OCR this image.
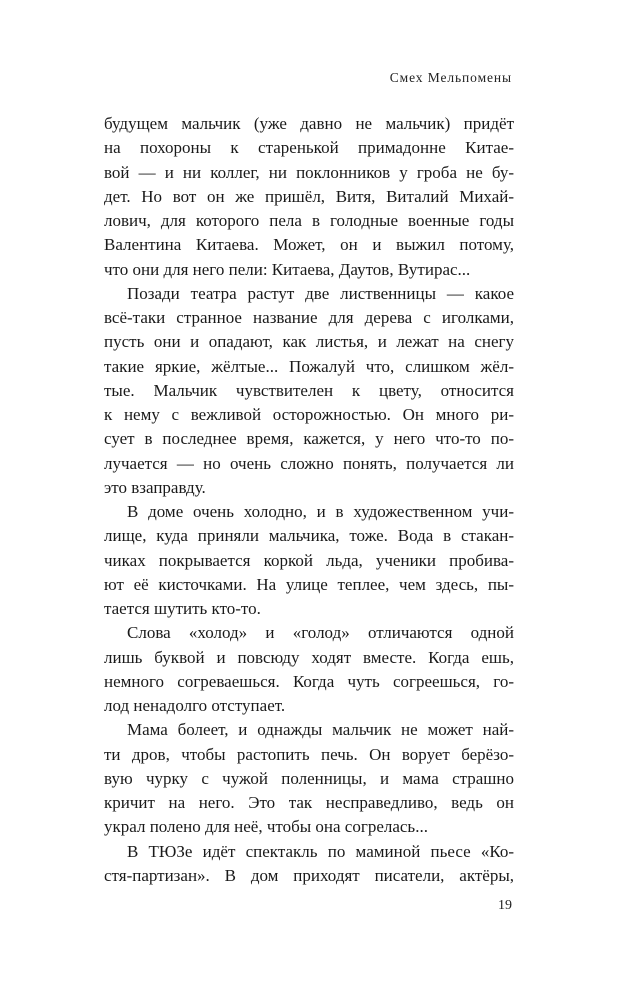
Смех Мельпомены
будущем мальчик (уже давно не мальчик) придёт
на похороны к старенькой примадонне Китае-
вой — и ни коллег, ни поклонников у гроба не бу-
дет. Но вот он же пришёл, Витя, Виталий Михай-
лович, для которого пела в голодные военные годы
Валентина Китаева. Может, он и выжил потому,
что они для него пели: Китаева, Даутов, Вутирас...
Позади театра растут две лиственницы — какое
всё-таки странное название для дерева с иголками,
пусть они и опадают, как листья, и лежат на снегу
такие яркие, жёлтые... Пожалуй что, слишком жёл-
тые. Мальчик чувствителен к цвету, относится
к нему с вежливой осторожностью. Он много ри-
сует в последнее время, кажется, у него что-то по-
лучается — но очень сложно понять, получается ли
это взаправду.
В доме очень холодно, и в художественном учи-
лище, куда приняли мальчика, тоже. Вода в стакан-
чиках покрывается коркой льда, ученики пробива-
ют её кисточками. На улице теплее, чем здесь, пы-
тается шутить кто-то.
Слова «холод» и «голод» отличаются одной
лишь буквой и повсюду ходят вместе. Когда ешь,
немного согреваешься. Когда чуть согреешься, го-
лод ненадолго отступает.
Мама болеет, и однажды мальчик не может най-
ти дров, чтобы растопить печь. Он ворует берёзо-
вую чурку с чужой поленницы, и мама страшно
кричит на него. Это так несправедливо, ведь он
украл полено для неё, чтобы она согрелась...
В ТЮЗе идёт спектакль по маминой пьесе «Ко-
стя-партизан». В дом приходят писатели, актёры,
19
